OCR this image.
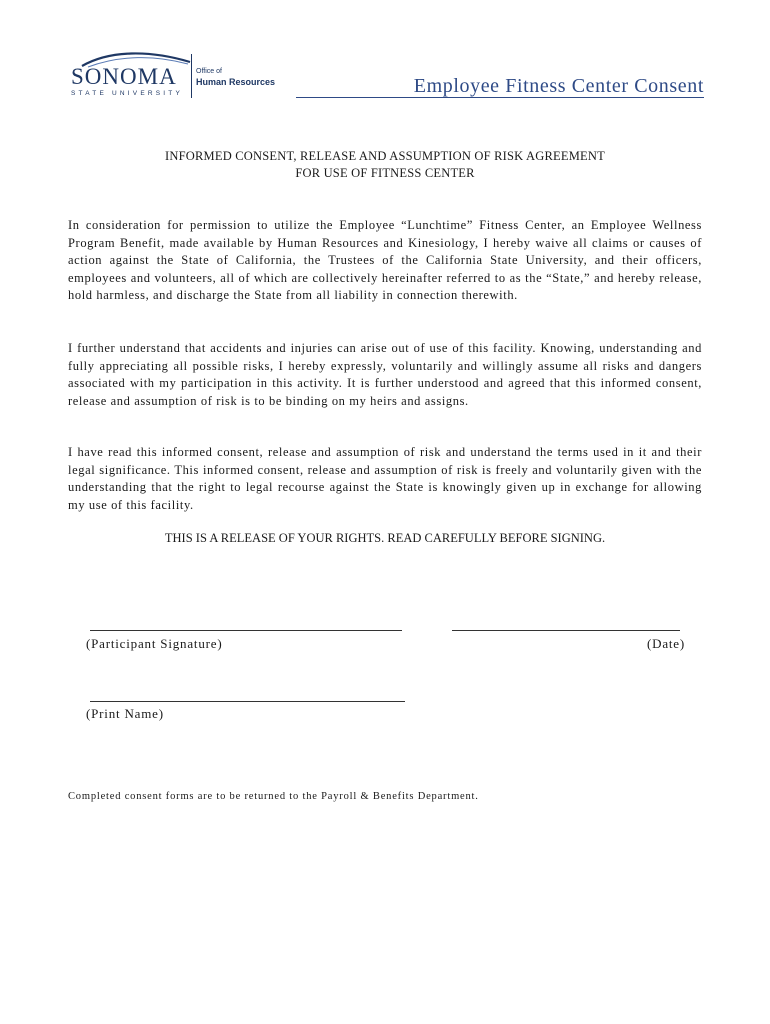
SONOMA
STATE UNIVERSITY
Office of
Human Resources	Employee Fitness Center Consent
INFORMED CONSENT, RELEASE AND ASSUMPTION OF RISK AGREEMENT
FOR USE OF FITNESS CENTER
In consideration for permission to utilize the Employee “Lunchtime” Fitness Center, an Employee Wellness Program Benefit, made available by Human Resources and Kinesiology, I hereby waive all claims or causes of action against the State of California, the Trustees of the California State University, and their officers, employees and volunteers, all of which are collectively hereinafter referred to as the “State,” and hereby release, hold harmless, and discharge the State from all liability in connection therewith.
I further understand that accidents and injuries can arise out of use of this facility. Knowing, understanding and fully appreciating all possible risks, I hereby expressly, voluntarily and willingly assume all risks and dangers associated with my participation in this activity. It is further understood and agreed that this informed consent, release and assumption of risk is to be binding on my heirs and assigns.
I have read this informed consent, release and assumption of risk and understand the terms used in it and their legal significance. This informed consent, release and assumption of risk is freely and voluntarily given with the understanding that the right to legal recourse against the State is knowingly given up in exchange for allowing my use of this facility.
THIS IS A RELEASE OF YOUR RIGHTS. READ CAREFULLY BEFORE SIGNING.
(Participant Signature)	(Date)
(Print Name)
Completed consent forms are to be returned to the Payroll & Benefits Department.
